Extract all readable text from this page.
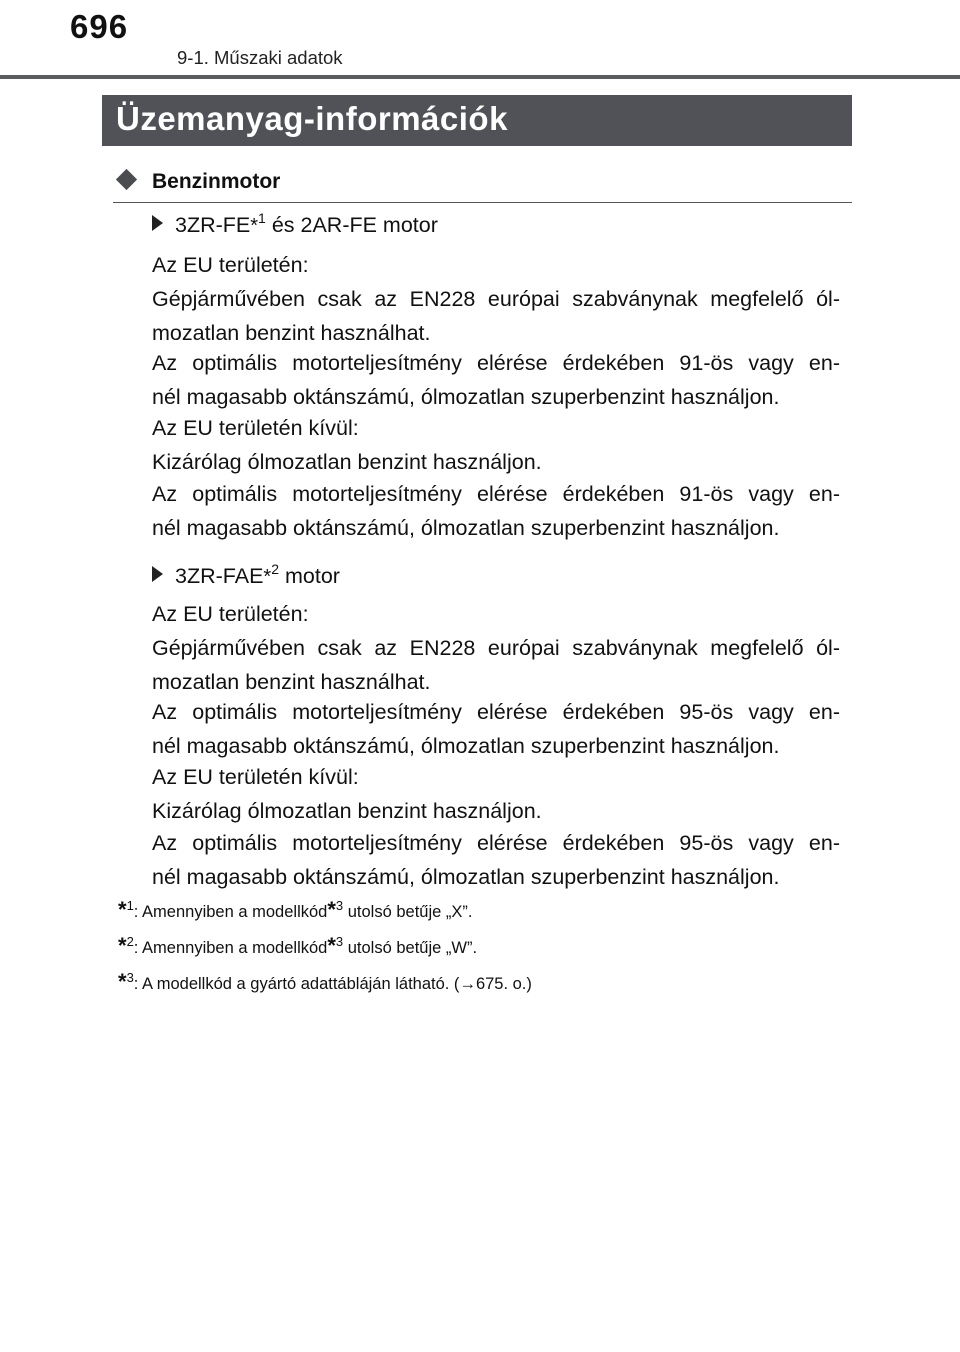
696
9-1. Műszaki adatok
Üzemanyag-információk
Benzinmotor
3ZR-FE*$^1$ és 2AR-FE motor
Az EU területén:
Gépjárművében csak az EN228 európai szabványnak megfelelő ól-
mozatlan benzint használhat.
Az optimális motorteljesítmény elérése érdekében 91-ös vagy en-
nél magasabb oktánszámú, ólmozatlan szuperbenzint használjon.
Az EU területén kívül:
Kizárólag ólmozatlan benzint használjon.
Az optimális motorteljesítmény elérése érdekében 91-ös vagy en-
nél magasabb oktánszámú, ólmozatlan szuperbenzint használjon.
3ZR-FAE*$^2$ motor
Az EU területén:
Gépjárművében csak az EN228 európai szabványnak megfelelő ól-
mozatlan benzint használhat.
Az optimális motorteljesítmény elérése érdekében 95-ös vagy en-
nél magasabb oktánszámú, ólmozatlan szuperbenzint használjon.
Az EU területén kívül:
Kizárólag ólmozatlan benzint használjon.
Az optimális motorteljesítmény elérése érdekében 95-ös vagy en-
nél magasabb oktánszámú, ólmozatlan szuperbenzint használjon.
*$^1$: Amennyiben a modellkód*$^3$ utolsó betűje „X”.
*$^2$: Amennyiben a modellkód*$^3$ utolsó betűje „W”.
*$^3$: A modellkód a gyártó adattábláján látható. (→675. o.)
